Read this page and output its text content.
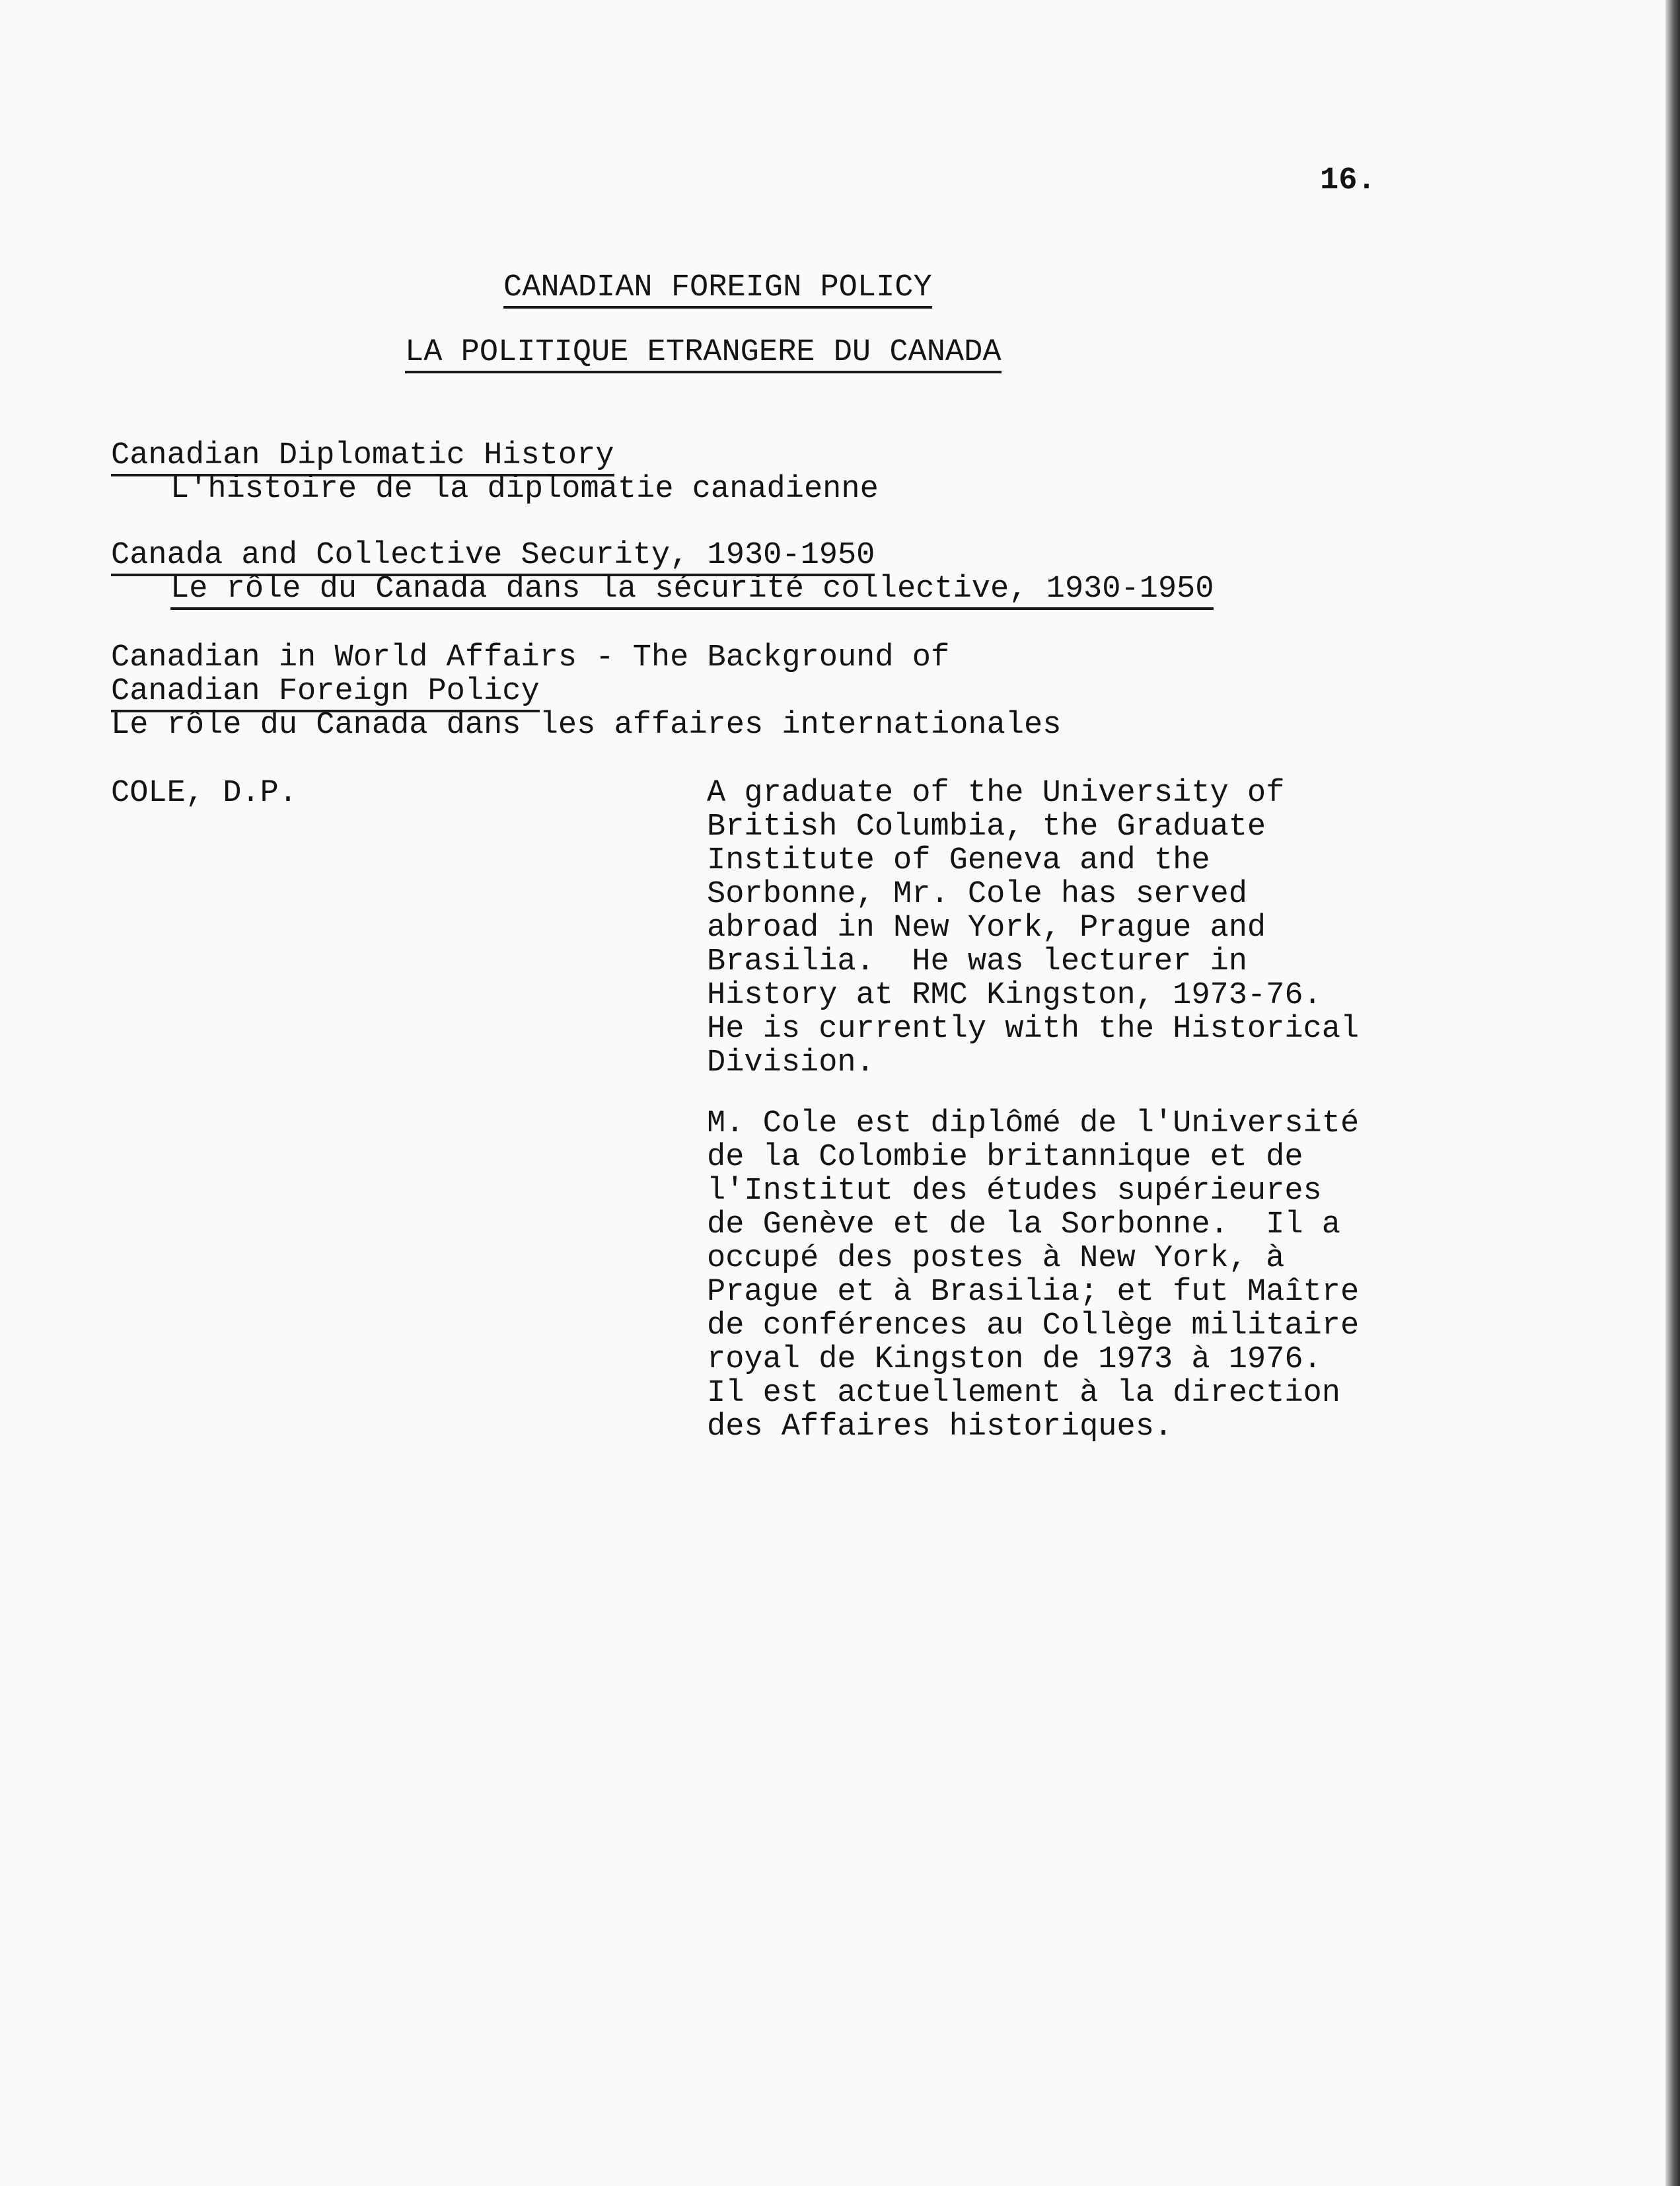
16.
CANADIAN FOREIGN POLICY
LA POLITIQUE ETRANGERE DU CANADA
Canadian Diplomatic History
L'histoire de la diplomatie canadienne
Canada and Collective Security, 1930-1950
Le rôle du Canada dans la sécurité collective, 1930-1950
Canadian in World Affairs - The Background of
Canadian Foreign Policy
Le rôle du Canada dans les affaires internationales
COLE, D.P.	A graduate of the University of
British Columbia, the Graduate
Institute of Geneva and the
Sorbonne, Mr. Cole has served
abroad in New York, Prague and
Brasilia.  He was lecturer in
History at RMC Kingston, 1973-76.
He is currently with the Historical
Division.
M. Cole est diplômé de l'Université
de la Colombie britannique et de
l'Institut des études supérieures
de Genève et de la Sorbonne.  Il a
occupé des postes à New York, à
Prague et à Brasilia; et fut Maître
de conférences au Collège militaire
royal de Kingston de 1973 à 1976.
Il est actuellement à la direction
des Affaires historiques.
